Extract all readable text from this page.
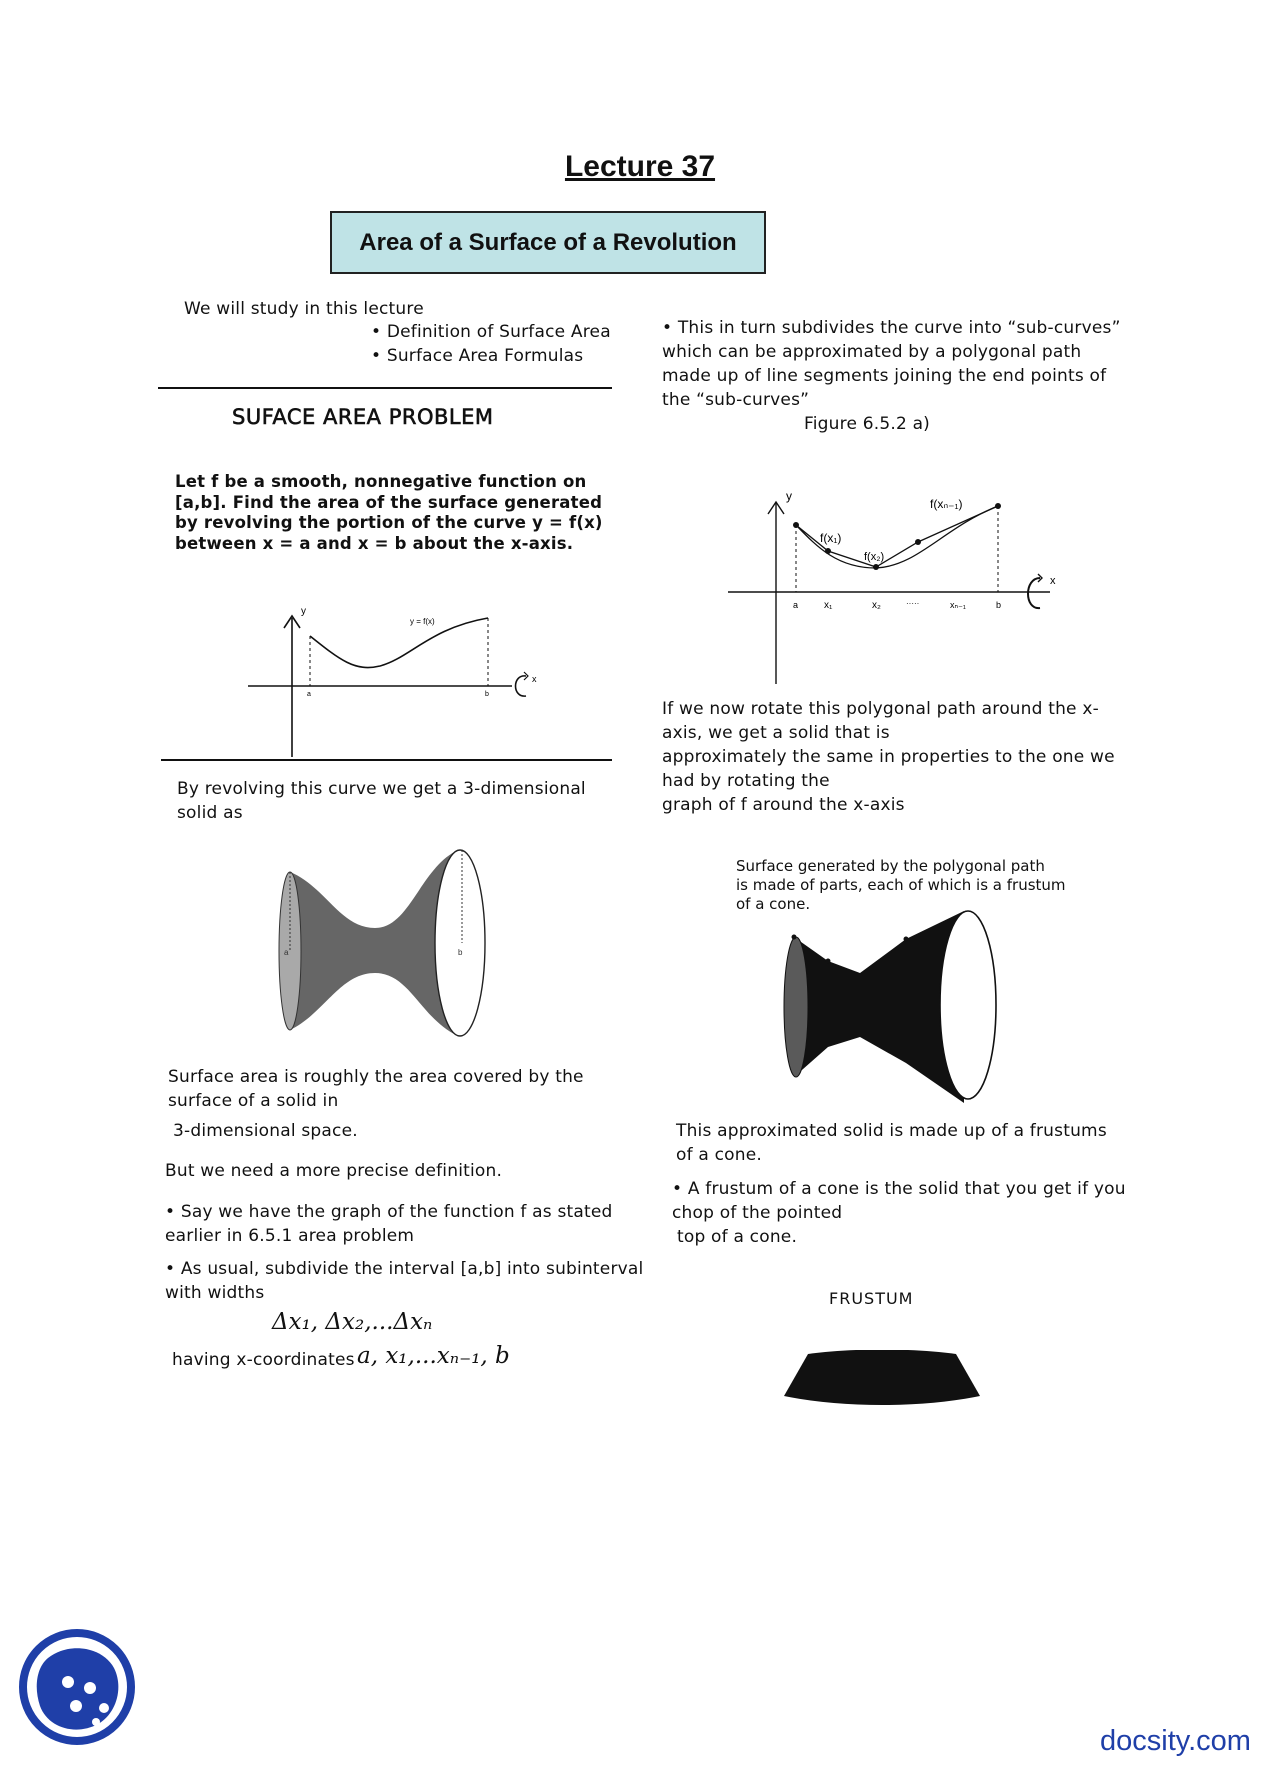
Lecture 37
Area of a Surface of a Revolution
We will study in this lecture
• Definition of Surface Area
• Surface Area Formulas
SUFACE AREA PROBLEM
Let f be a smooth, nonnegative function on
[a,b]. Find the area of the surface generated
by revolving the portion of the curve y = f(x)
between x = a and x = b about the x-axis.
y
y = f(x)
a	b
x
By revolving this curve we get a 3-dimensional
solid as
a	b
Surface area is roughly the area covered by the
surface of a solid in
3-dimensional space.
But we need a more precise definition.
• Say we have the graph of the function f as stated
earlier in 6.5.1 area problem
• As usual, subdivide the interval [a,b] into subinterval
with widths
Δx₁, Δx₂,...Δxₙ
having x-coordinates a, x₁,...xₙ₋₁, b
• This in turn subdivides the curve into “sub-curves”
which can be approximated by a polygonal path
made up of line segments joining the end points of
the “sub-curves”
Figure 6.5.2 a)
y
f(x₁)
f(x₂)
f(xₙ₋₁)
a	x₁	x₂	·····	xₙ₋₁	b
x
If we now rotate this polygonal path around the x-
axis, we get a solid that is
approximately the same in properties to the one we
had by rotating the
graph of f around the x-axis
Surface generated by the polygonal path
is made of parts, each of which is a frustum
of a cone.
This approximated solid is made up of a frustums
of a cone.
• A frustum of a cone is the solid that you get if you
chop of the pointed
top of a cone.
FRUSTUM
docsity.com
